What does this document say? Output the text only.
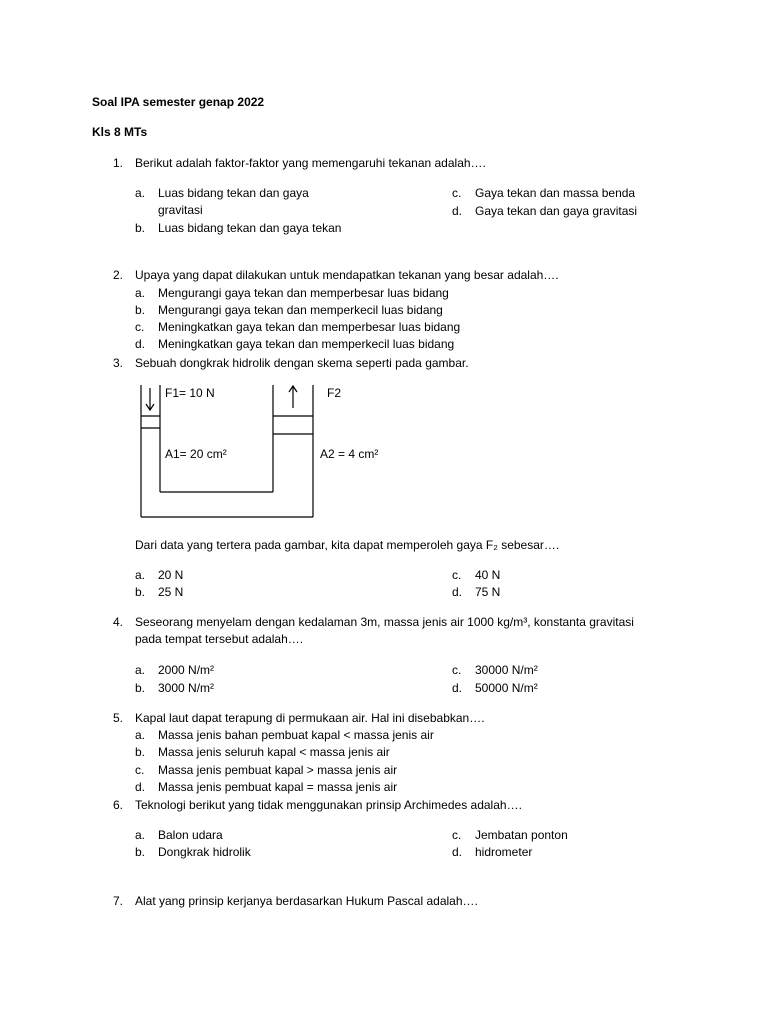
Soal IPA semester genap 2022
Kls 8 MTs
1. Berikut adalah faktor-faktor yang memengaruhi tekanan adalah….
a. Luas bidang tekan dan gaya gravitasi
b. Luas bidang tekan dan gaya tekan
c. Gaya tekan dan massa benda
d. Gaya tekan dan gaya gravitasi
2. Upaya yang dapat dilakukan untuk mendapatkan tekanan yang besar adalah….
a. Mengurangi gaya tekan dan memperbesar luas bidang
b. Mengurangi gaya tekan dan memperkecil luas bidang
c. Meningkatkan gaya tekan dan memperbesar luas bidang
d. Meningkatkan gaya tekan dan memperkecil luas bidang
3. Sebuah dongkrak hidrolik dengan skema seperti pada gambar.
F1= 10 N	F2
A1= 20 cm²	A2 = 4 cm²
Dari data yang tertera pada gambar, kita dapat memperoleh gaya F₂ sebesar….
a. 20 N
b. 25 N
c. 40 N
d. 75 N
4. Seseorang menyelam dengan kedalaman 3m, massa jenis air 1000 kg/m³, konstanta gravitasi
pada tempat tersebut adalah….
a. 2000 N/m²
b. 3000 N/m²
c. 30000 N/m²
d. 50000 N/m²
5. Kapal laut dapat terapung di permukaan air. Hal ini disebabkan….
a. Massa jenis bahan pembuat kapal < massa jenis air
b. Massa jenis seluruh kapal < massa jenis air
c. Massa jenis pembuat kapal > massa jenis air
d. Massa jenis pembuat kapal = massa jenis air
6. Teknologi berikut yang tidak menggunakan prinsip Archimedes adalah….
a. Balon udara
b. Dongkrak hidrolik
c. Jembatan ponton
d. hidrometer
7. Alat yang prinsip kerjanya berdasarkan Hukum Pascal adalah….
